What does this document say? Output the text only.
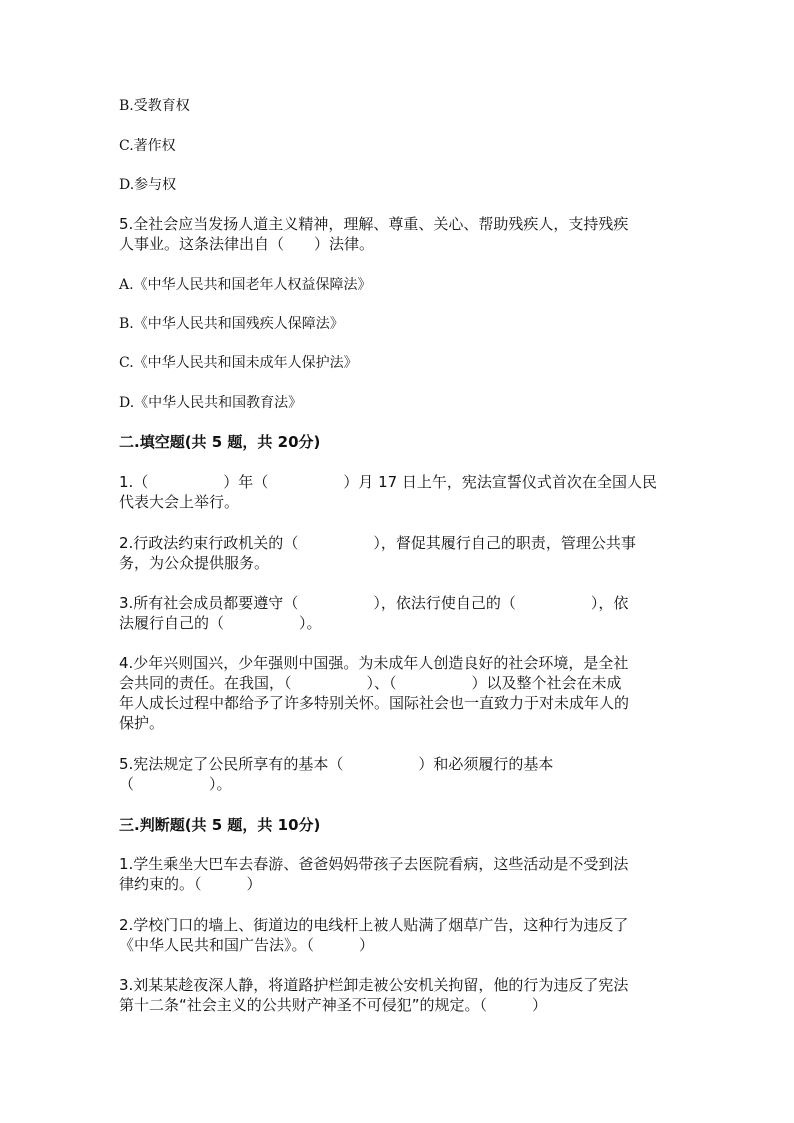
B.受教育权
C.著作权
D.参与权
5.全社会应当发扬人道主义精神，理解、尊重、关心、帮助残疾人，支持残疾
人事业。这条法律出自（　　）法律。
A.《中华人民共和国老年人权益保障法》
B.《中华人民共和国残疾人保障法》
C.《中华人民共和国未成年人保护法》
D.《中华人民共和国教育法》
二.填空题(共 5 题，共 20分)
1.（　　　　　）年（　　　　　）月 17 日上午，宪法宣誓仪式首次在全国人民
代表大会上举行。
2.行政法约束行政机关的（　　　　　），督促其履行自己的职责，管理公共事
务，为公众提供服务。
3.所有社会成员都要遵守（　　　　　），依法行使自己的（　　　　　），依
法履行自己的（　　　　　）。
4.少年兴则国兴，少年强则中国强。为未成年人创造良好的社会环境，是全社
会共同的责任。在我国，（　　　　　）、（　　　　　）以及整个社会在未成
年人成长过程中都给予了许多特别关怀。国际社会也一直致力于对未成年人的
保护。
5.宪法规定了公民所享有的基本（　　　　　）和必须履行的基本
（　　　　　）。
三.判断题(共 5 题，共 10分)
1.学生乘坐大巴车去春游、爸爸妈妈带孩子去医院看病，这些活动是不受到法
律约束的。（　　　）
2.学校门口的墙上、街道边的电线杆上被人贴满了烟草广告，这种行为违反了
《中华人民共和国广告法》。（　　　）
3.刘某某趁夜深人静，将道路护栏卸走被公安机关拘留，他的行为违反了宪法
第十二条“社会主义的公共财产神圣不可侵犯”的规定。（　　　）
